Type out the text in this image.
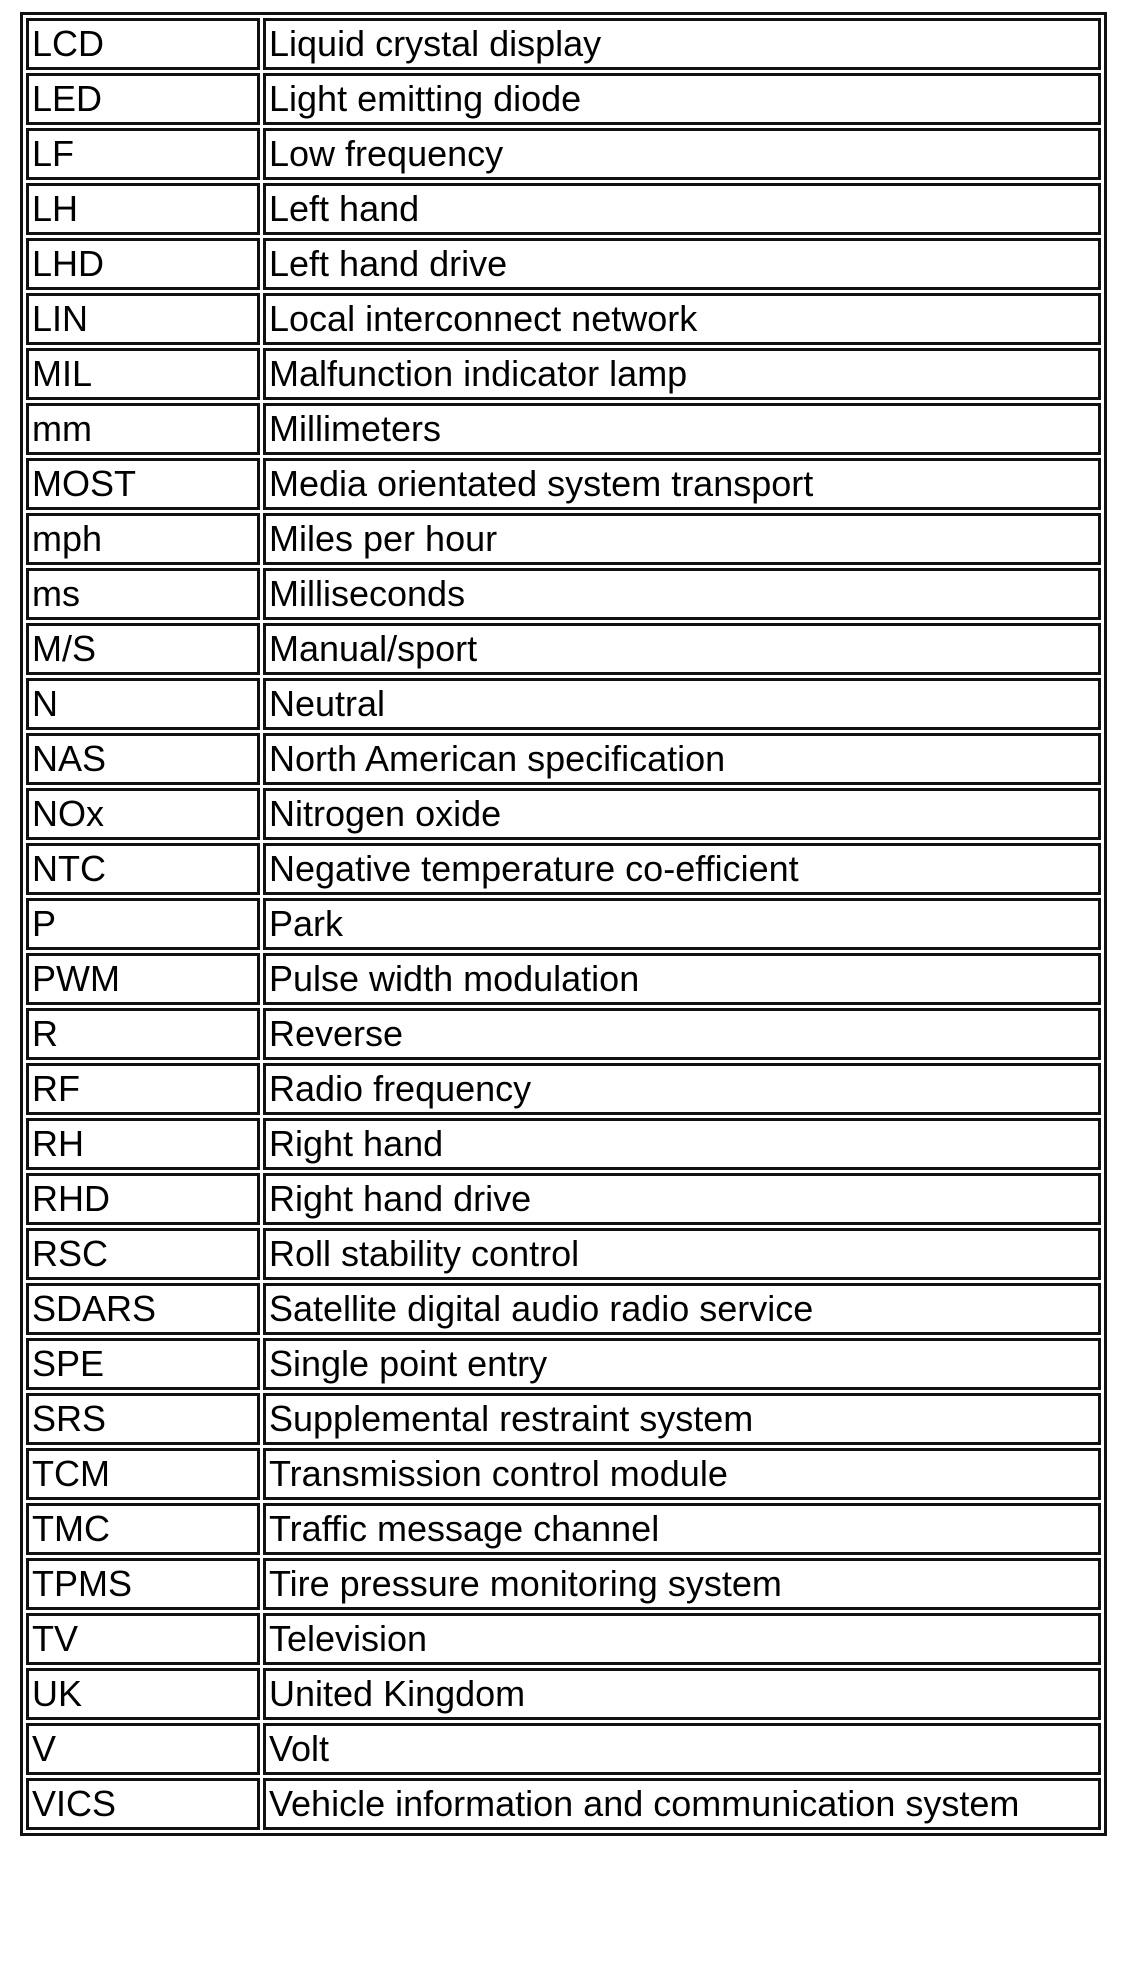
LCD	Liquid crystal display
LED	Light emitting diode
LF	Low frequency
LH	Left hand
LHD	Left hand drive
LIN	Local interconnect network
MIL	Malfunction indicator lamp
mm	Millimeters
MOST	Media orientated system transport
mph	Miles per hour
ms	Milliseconds
M/S	Manual/sport
N	Neutral
NAS	North American specification
NOx	Nitrogen oxide
NTC	Negative temperature co-efficient
P	Park
PWM	Pulse width modulation
R	Reverse
RF	Radio frequency
RH	Right hand
RHD	Right hand drive
RSC	Roll stability control
SDARS	Satellite digital audio radio service
SPE	Single point entry
SRS	Supplemental restraint system
TCM	Transmission control module
TMC	Traffic message channel
TPMS	Tire pressure monitoring system
TV	Television
UK	United Kingdom
V	Volt
VICS	Vehicle information and communication system
